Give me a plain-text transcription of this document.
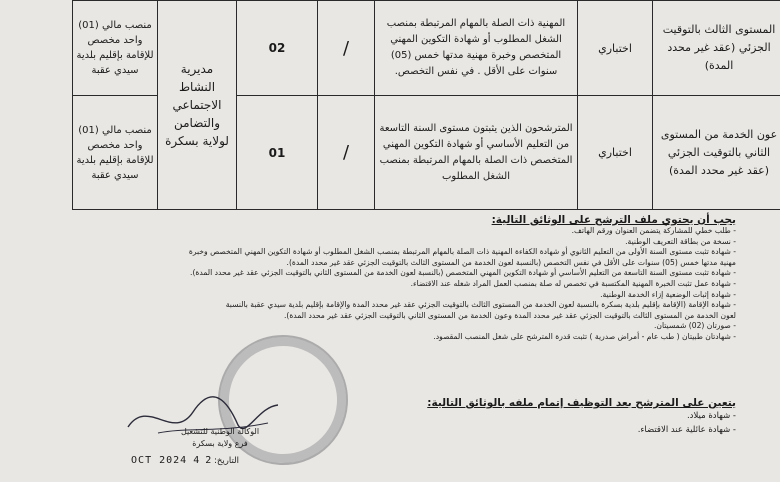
منصب مالي (01) واحد مخصص للإقامة بإقليم بلدية سيدي عقبة	مديرية النشاط الاجتماعي والتضامن لولاية بسكرة	02	/	المهنية ذات الصلة بالمهام المرتبطة بمنصب الشغل المطلوب أو شهادة التكوين المهني المتخصص وخبرة مهنية مدتها خمس (05) سنوات على الأقل . في نفس التخصص.	اختباري	المستوى الثالث بالتوقيت الجزئي (عقد غير محدد المدة)
منصب مالي (01) واحد مخصص للإقامة بإقليم بلدية سيدي عقبة		01	/	المترشحون الذين يثبتون مستوى السنة التاسعة من التعليم الأساسي أو شهادة التكوين المهني المتخصص ذات الصلة بالمهام المرتبطة بمنصب الشغل المطلوب	اختباري	عون الخدمة من المستوى الثاني بالتوقيت الجزئي (عقد غير محدد المدة)
يجب أن يحتوي ملف الترشح على الوثائق التالية:
- طلب خطي للمشاركة يتضمن العنوان ورقم الهاتف.
- نسخة من بطاقة التعريف الوطنية.
- شهادة تثبت مستوى السنة الأولى من التعليم الثانوي أو شهادة الكفاءة المهنية ذات الصلة بالمهام المرتبطة بمنصب الشغل المطلوب أو شهادة التكوين المهني المتخصص وخبرة
مهنية مدتها خمس (05) سنوات على الأقل في نفس التخصص (بالنسبة لعون الخدمة من المستوى الثالث بالتوقيت الجزئي عقد غير محدد المدة).
- شهادة تثبت مستوى السنة التاسعة من التعليم الأساسي أو شهادة التكوين المهني المتخصص (بالنسبة لعون الخدمة من المستوى الثاني بالتوقيت الجزئي عقد غير محدد المدة).
- شهادة عمل تثبت الخبرة المهنية المكتسبة في تخصص له صلة بمنصب العمل المراد شغله عند الاقتضاء.
- شهادة إثبات الوضعية إزاء الخدمة الوطنية.
- شهادة الإقامة (الإقامة بإقليم بلدية بسكرة بالنسبة لعون الخدمة من المستوى الثالث بالتوقيت الجزئي عقد غير محدد المدة والإقامة بإقليم بلدية سيدي عقبة بالنسبة
لعون الخدمة من المستوى الثالث بالتوقيت الجزئي عقد غير محدد المدة وعون الخدمة من المستوى الثاني بالتوقيت الجزئي عقد غير محدد المدة).
- صورتان (02) شمسيتان.
- شهادتان طبيتان ( طب عام - أمراض صدرية ) تثبت قدرة المترشح على شغل المنصب المقصود.
يتعين على المترشح بعد التوظيف إتمام ملفه بالوثائق التالية:
- شهادة ميلاد.
- شهادة عائلية عند الاقتضاء.
الوكالة الوطنية للتشغيل
فرع ولاية بسكرة
التاريخ: 2 4 OCT 2024
